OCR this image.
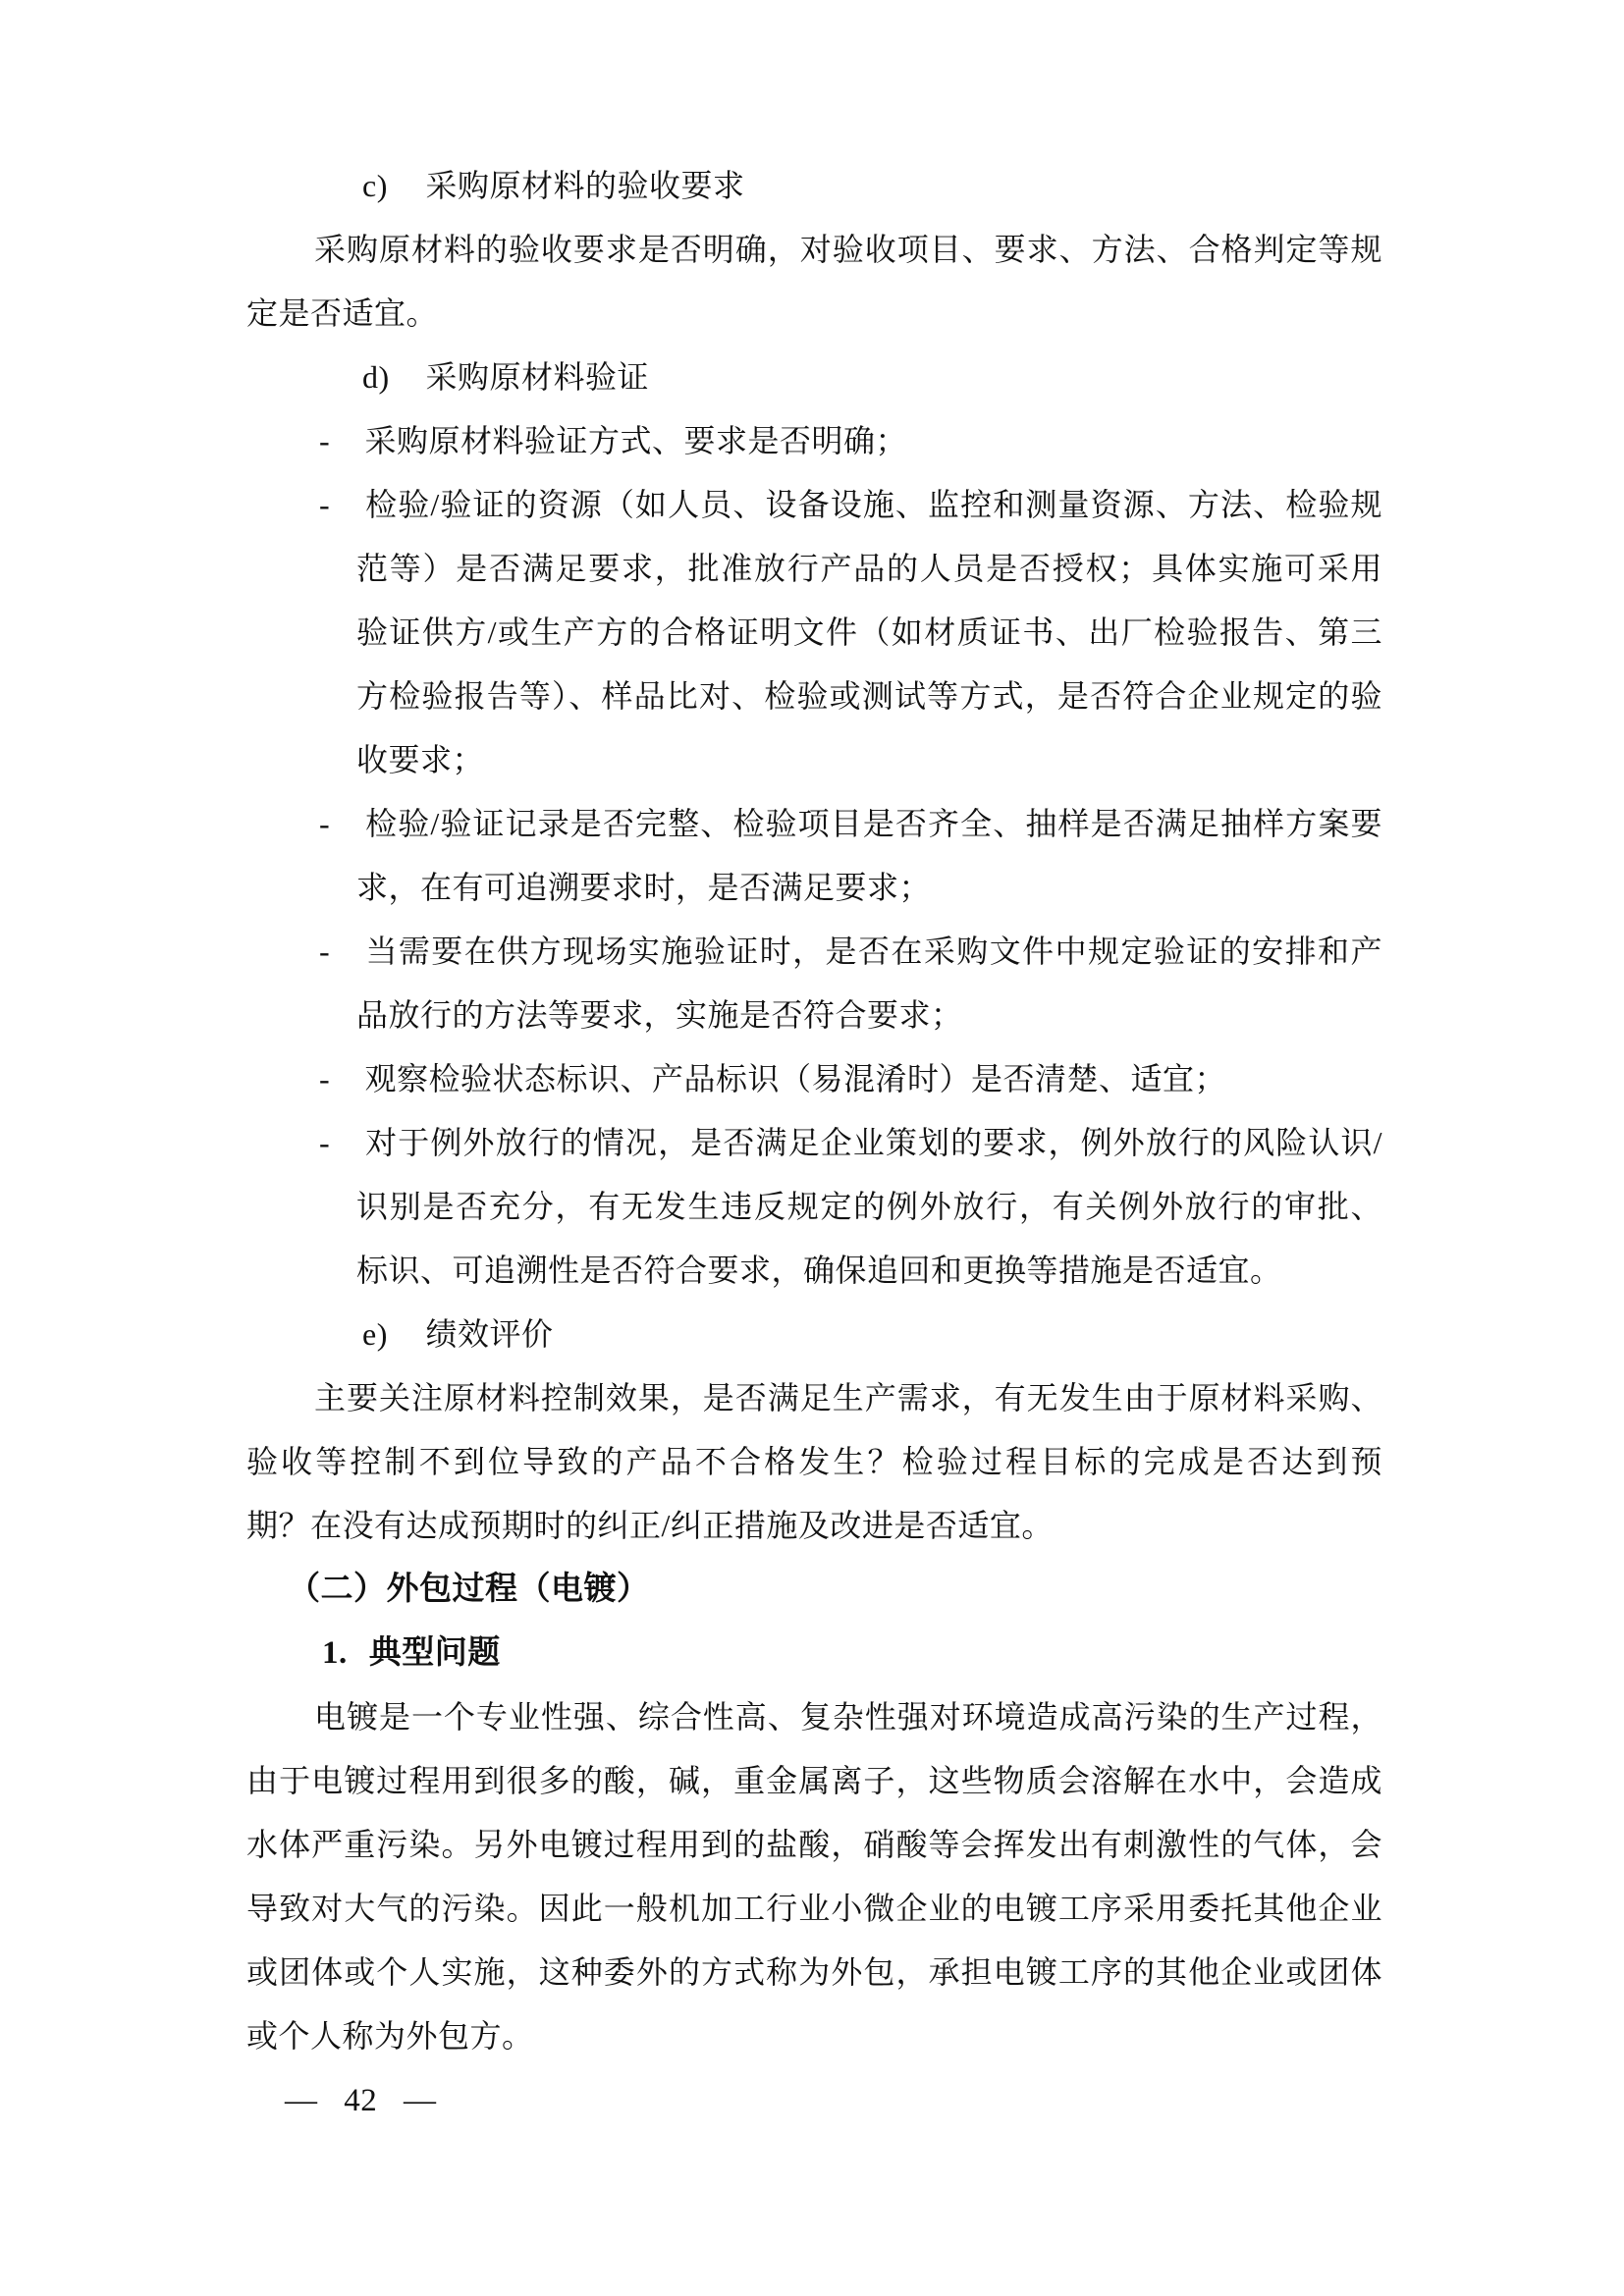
c) 采购原材料的验收要求
采购原材料的验收要求是否明确，对验收项目、要求、方法、合格判定等规
定是否适宜。
d) 采购原材料验证
- 采购原材料验证方式、要求是否明确；
- 检验/验证的资源（如人员、设备设施、监控和测量资源、方法、检验规
范等）是否满足要求，批准放行产品的人员是否授权；具体实施可采用
验证供方/或生产方的合格证明文件（如材质证书、出厂检验报告、第三
方检验报告等）、样品比对、检验或测试等方式，是否符合企业规定的验
收要求；
- 检验/验证记录是否完整、检验项目是否齐全、抽样是否满足抽样方案要
求，在有可追溯要求时，是否满足要求；
- 当需要在供方现场实施验证时，是否在采购文件中规定验证的安排和产
品放行的方法等要求，实施是否符合要求；
- 观察检验状态标识、产品标识（易混淆时）是否清楚、适宜；
- 对于例外放行的情况，是否满足企业策划的要求，例外放行的风险认识/
识别是否充分，有无发生违反规定的例外放行，有关例外放行的审批、
标识、可追溯性是否符合要求，确保追回和更换等措施是否适宜。
e) 绩效评价
主要关注原材料控制效果，是否满足生产需求，有无发生由于原材料采购、
验收等控制不到位导致的产品不合格发生？检验过程目标的完成是否达到预
期？在没有达成预期时的纠正/纠正措施及改进是否适宜。
（二）外包过程（电镀）
1. 典型问题
电镀是一个专业性强、综合性高、复杂性强对环境造成高污染的生产过程，
由于电镀过程用到很多的酸，碱，重金属离子，这些物质会溶解在水中，会造成
水体严重污染。另外电镀过程用到的盐酸，硝酸等会挥发出有刺激性的气体，会
导致对大气的污染。因此一般机加工行业小微企业的电镀工序采用委托其他企业
或团体或个人实施，这种委外的方式称为外包，承担电镀工序的其他企业或团体
或个人称为外包方。
— 42 —
